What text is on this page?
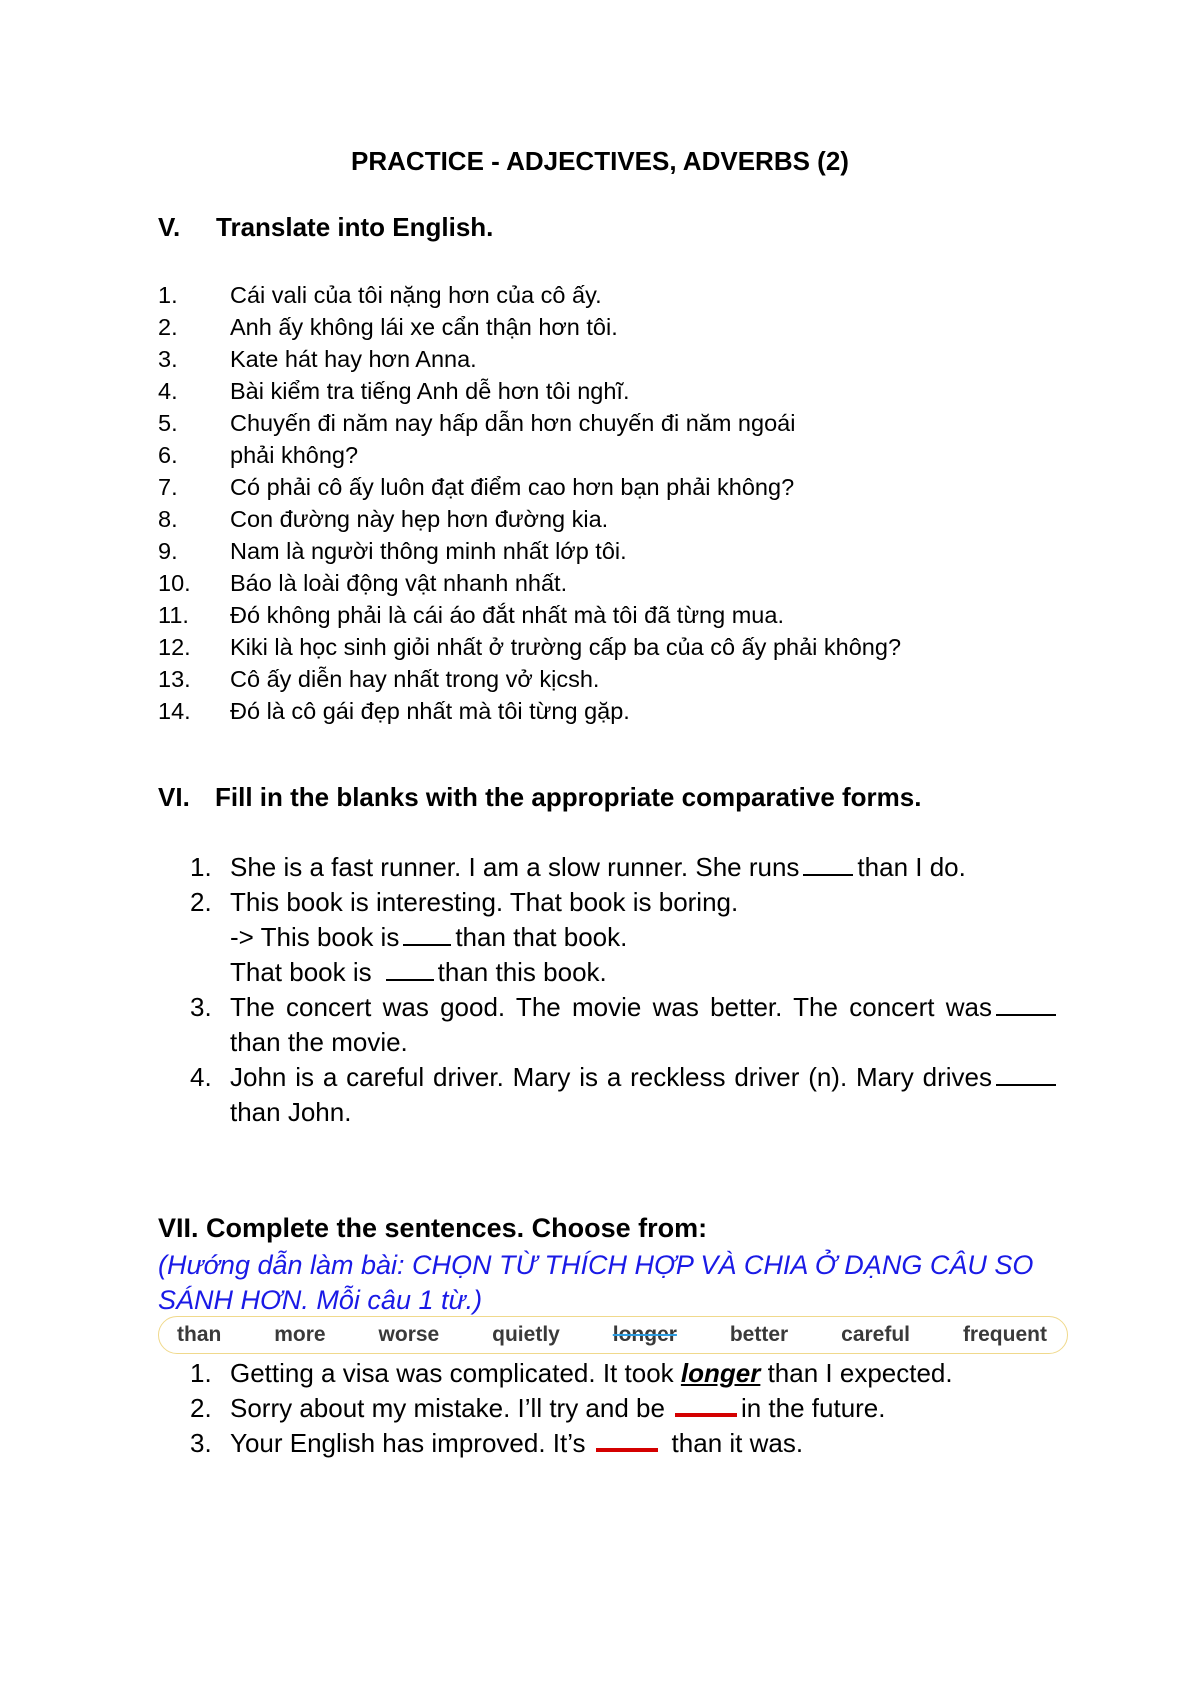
PRACTICE - ADJECTIVES, ADVERBS (2)
V. Translate into English.
1. Cái vali của tôi nặng hơn của cô ấy.
2. Anh ấy không lái xe cẩn thận hơn tôi.
3. Kate hát hay hơn Anna.
4. Bài kiểm tra tiếng Anh dễ hơn tôi nghĩ.
5. Chuyến đi năm nay hấp dẫn hơn chuyến đi năm ngoái
6. phải không?
7. Có phải cô ấy luôn đạt điểm cao hơn bạn phải không?
8. Con đường này hẹp hơn đường kia.
9. Nam là người thông minh nhất lớp tôi.
10. Báo là loài động vật nhanh nhất.
11. Đó không phải là cái áo đắt nhất mà tôi đã từng mua.
12. Kiki là học sinh giỏi nhất ở trường cấp ba của cô ấy phải không?
13. Cô ấy diễn hay nhất trong vở kịcsh.
14. Đó là cô gái đẹp nhất mà tôi từng gặp.
VI. Fill in the blanks with the appropriate comparative forms.
1. She is a fast runner. I am a slow runner. She runs than I do.
2. This book is interesting. That book is boring.
-> This book is than that book.
That book is	than this book.
3. The concert was good. The movie was better. The concert wasthan the movie.
4. John is a careful driver. Mary is a reckless driver (n). Mary drivesthan John.
VII. Complete the sentences. Choose from:

(Hướng dẫn làm bài: CHỌN TỪ THÍCH HỢP VÀ CHIA Ở DẠNG CÂU SO SÁNH HƠN. Mỗi câu 1 từ.)

than	more	worse	quietly	longer	better	careful	frequent
1. Getting a visa was complicated. It took longer than I expected.
2. Sorry about my mistake. I’ll try and be	in the future.
3. Your English has improved. It’s	than it was.
